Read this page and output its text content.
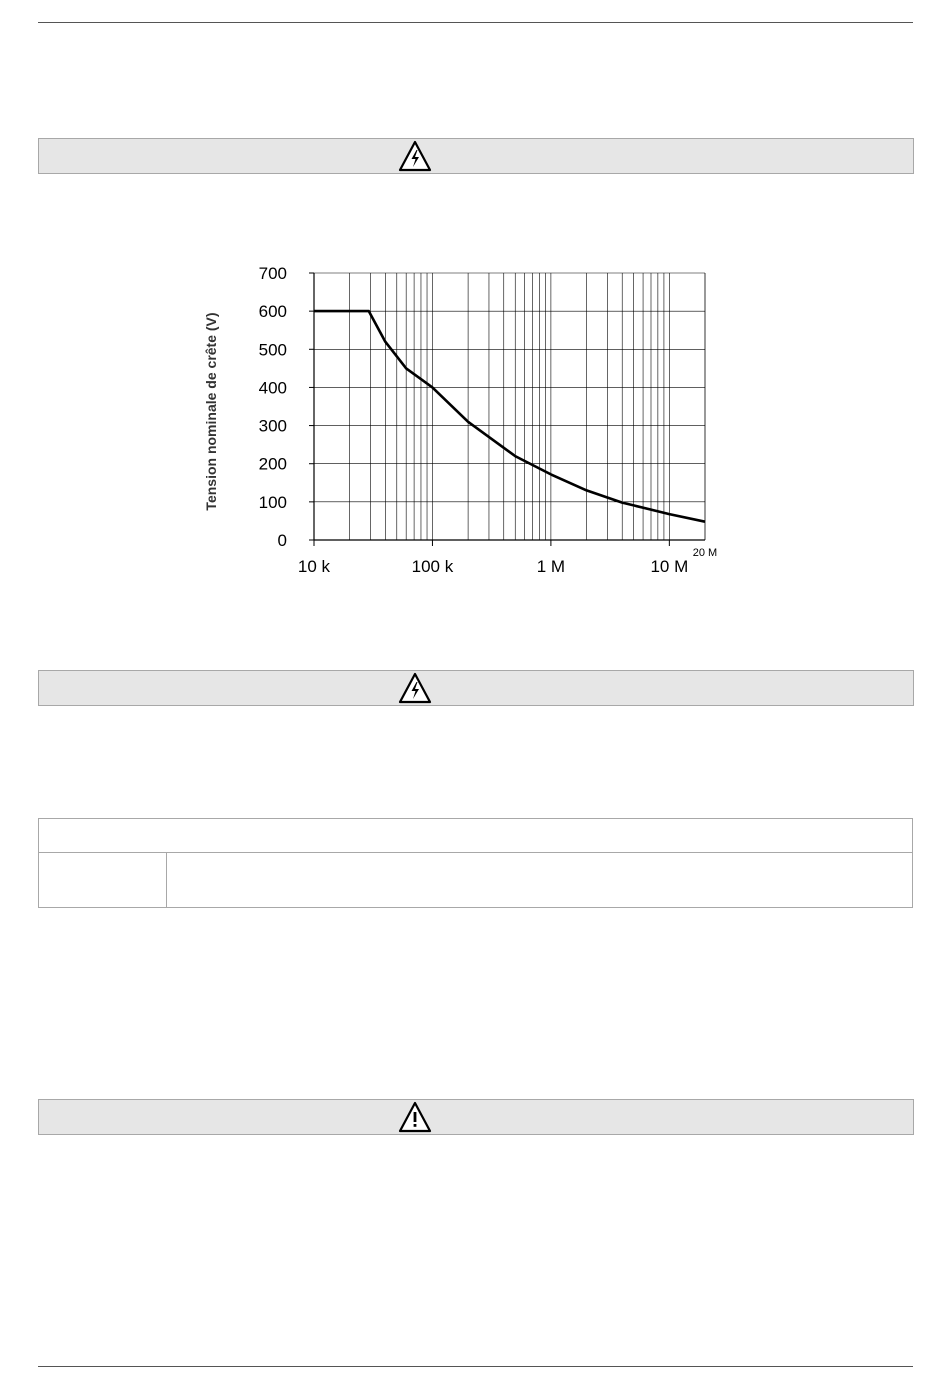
0
100
200
300
400
500
600
700
10 k	100 k	1 M	10 M
20 M
Tension nominale de crête (V)
